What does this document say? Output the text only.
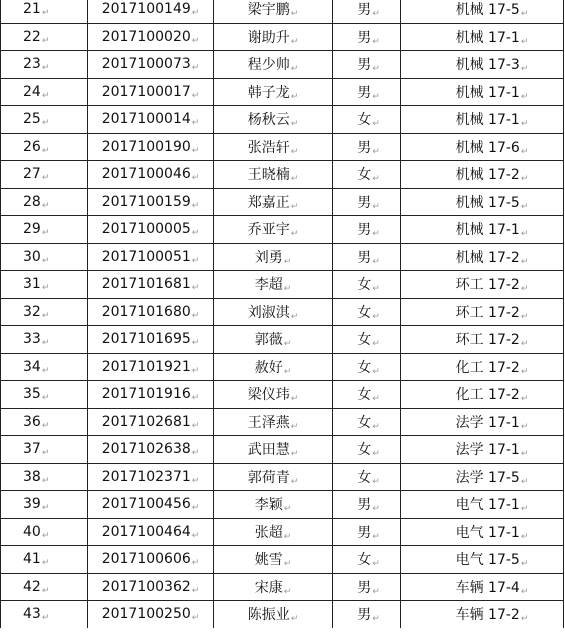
21↵	2017100149↵	梁宇鹏↵	男↵	机械 17-5↵
22↵	2017100020↵	谢助升↵	男↵	机械 17-1↵
23↵	2017100073↵	程少帅↵	男↵	机械 17-3↵
24↵	2017100017↵	韩子龙↵	男↵	机械 17-1↵
25↵	2017100014↵	杨秋云↵	女↵	机械 17-1↵
26↵	2017100190↵	张浩轩↵	男↵	机械 17-6↵
27↵	2017100046↵	王晓楠↵	女↵	机械 17-2↵
28↵	2017100159↵	郑嘉正↵	男↵	机械 17-5↵
29↵	2017100005↵	乔亚宇↵	男↵	机械 17-1↵
30↵	2017100051↵	刘勇↵	男↵	机械 17-2↵
31↵	2017101681↵	李超↵	女↵	环工 17-2↵
32↵	2017101680↵	刘淑淇↵	女↵	环工 17-2↵
33↵	2017101695↵	郭薇↵	女↵	环工 17-2↵
34↵	2017101921↵	赦好↵	女↵	化工 17-2↵
35↵	2017101916↵	梁仪玮↵	女↵	化工 17-2↵
36↵	2017102681↵	王泽燕↵	女↵	法学 17-1↵
37↵	2017102638↵	武田慧↵	女↵	法学 17-1↵
38↵	2017102371↵	郭荷青↵	女↵	法学 17-5↵
39↵	2017100456↵	李颖↵	男↵	电气 17-1↵
40↵	2017100464↵	张超↵	男↵	电气 17-1↵
41↵	2017100606↵	姚雪↵	女↵	电气 17-5↵
42↵	2017100362↵	宋康↵	男↵	车辆 17-4↵
43↵	2017100250↵	陈振业↵	男↵	车辆 17-2↵
